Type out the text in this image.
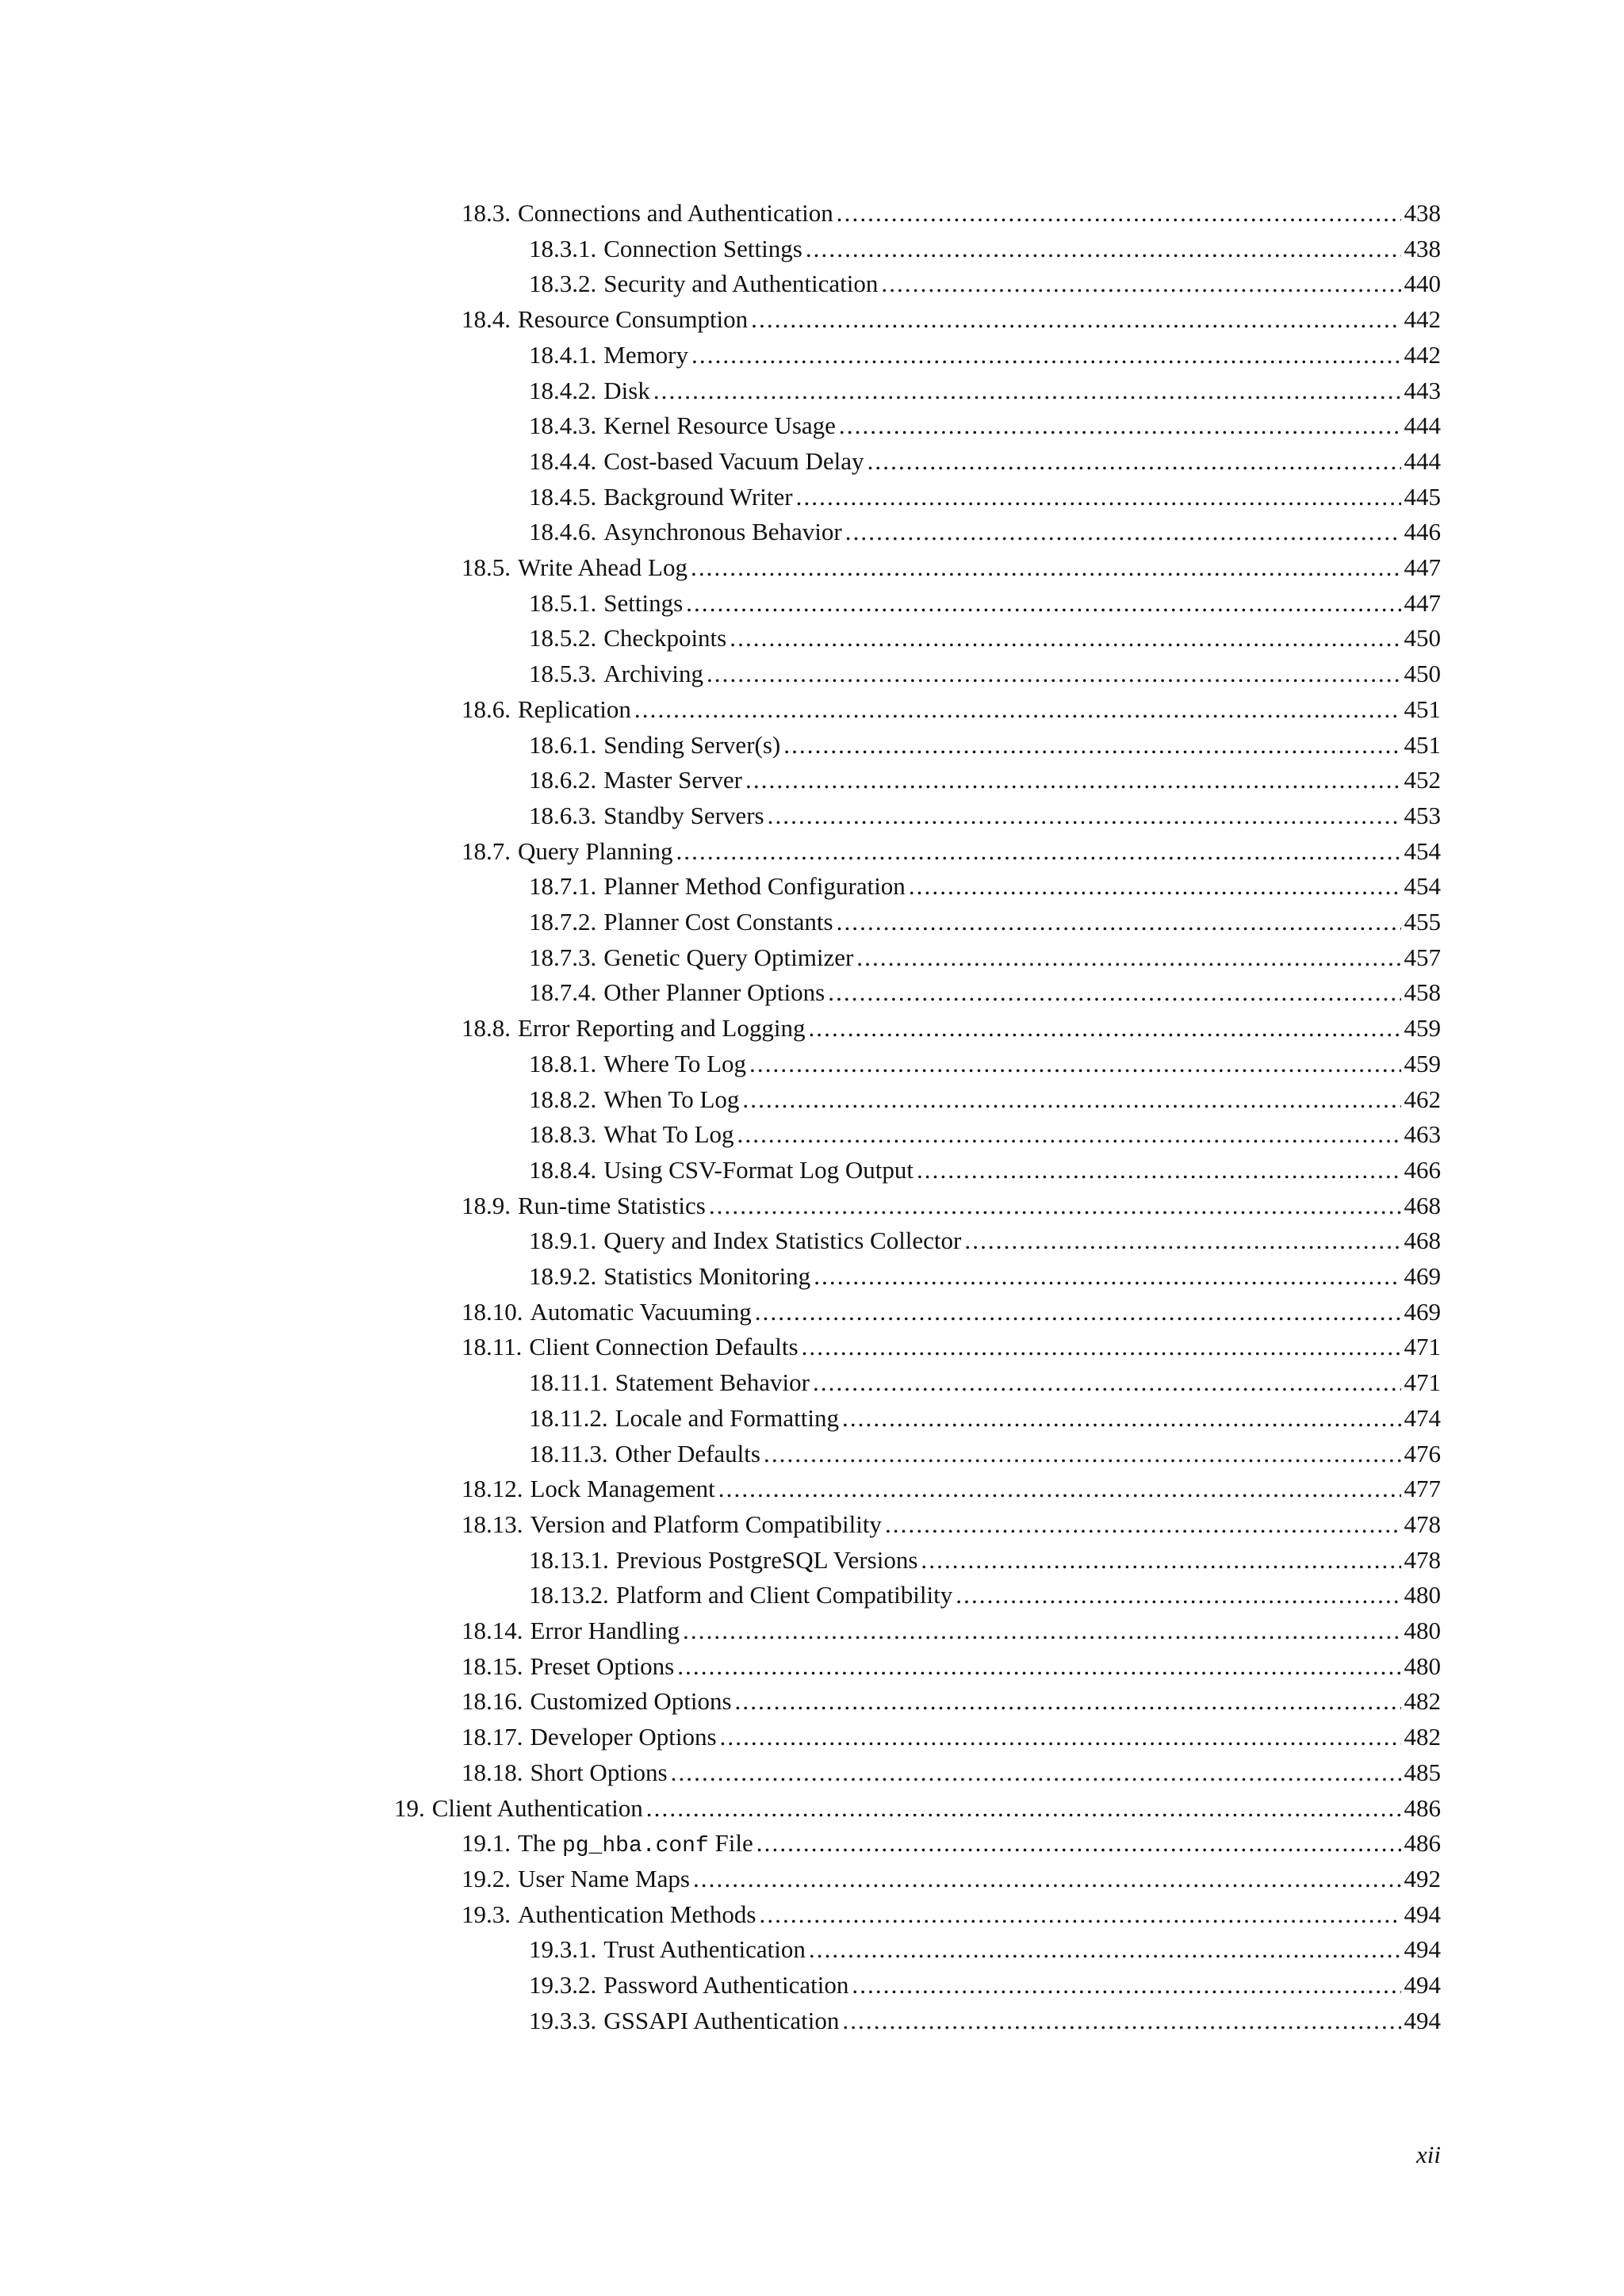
18.3. Connections and Authentication .....	438
18.3.1. Connection Settings .....	438
18.3.2. Security and Authentication .....	440
18.4. Resource Consumption .....	442
18.4.1. Memory .....	442
18.4.2. Disk .....	443
18.4.3. Kernel Resource Usage .....	444
18.4.4. Cost-based Vacuum Delay .....	444
18.4.5. Background Writer .....	445
18.4.6. Asynchronous Behavior .....	446
18.5. Write Ahead Log .....	447
18.5.1. Settings .....	447
18.5.2. Checkpoints .....	450
18.5.3. Archiving .....	450
18.6. Replication .....	451
18.6.1. Sending Server(s) .....	451
18.6.2. Master Server .....	452
18.6.3. Standby Servers .....	453
18.7. Query Planning .....	454
18.7.1. Planner Method Configuration .....	454
18.7.2. Planner Cost Constants .....	455
18.7.3. Genetic Query Optimizer .....	457
18.7.4. Other Planner Options .....	458
18.8. Error Reporting and Logging .....	459
18.8.1. Where To Log .....	459
18.8.2. When To Log .....	462
18.8.3. What To Log .....	463
18.8.4. Using CSV-Format Log Output .....	466
18.9. Run-time Statistics .....	468
18.9.1. Query and Index Statistics Collector .....	468
18.9.2. Statistics Monitoring .....	469
18.10. Automatic Vacuuming .....	469
18.11. Client Connection Defaults .....	471
18.11.1. Statement Behavior .....	471
18.11.2. Locale and Formatting .....	474
18.11.3. Other Defaults .....	476
18.12. Lock Management .....	477
18.13. Version and Platform Compatibility .....	478
18.13.1. Previous PostgreSQL Versions .....	478
18.13.2. Platform and Client Compatibility .....	480
18.14. Error Handling .....	480
18.15. Preset Options .....	480
18.16. Customized Options .....	482
18.17. Developer Options .....	482
18.18. Short Options .....	485
19. Client Authentication .....	486
19.1. The pg_hba.conf File .....	486
19.2. User Name Maps .....	492
19.3. Authentication Methods .....	494
19.3.1. Trust Authentication .....	494
19.3.2. Password Authentication .....	494
19.3.3. GSSAPI Authentication .....	494
xii
